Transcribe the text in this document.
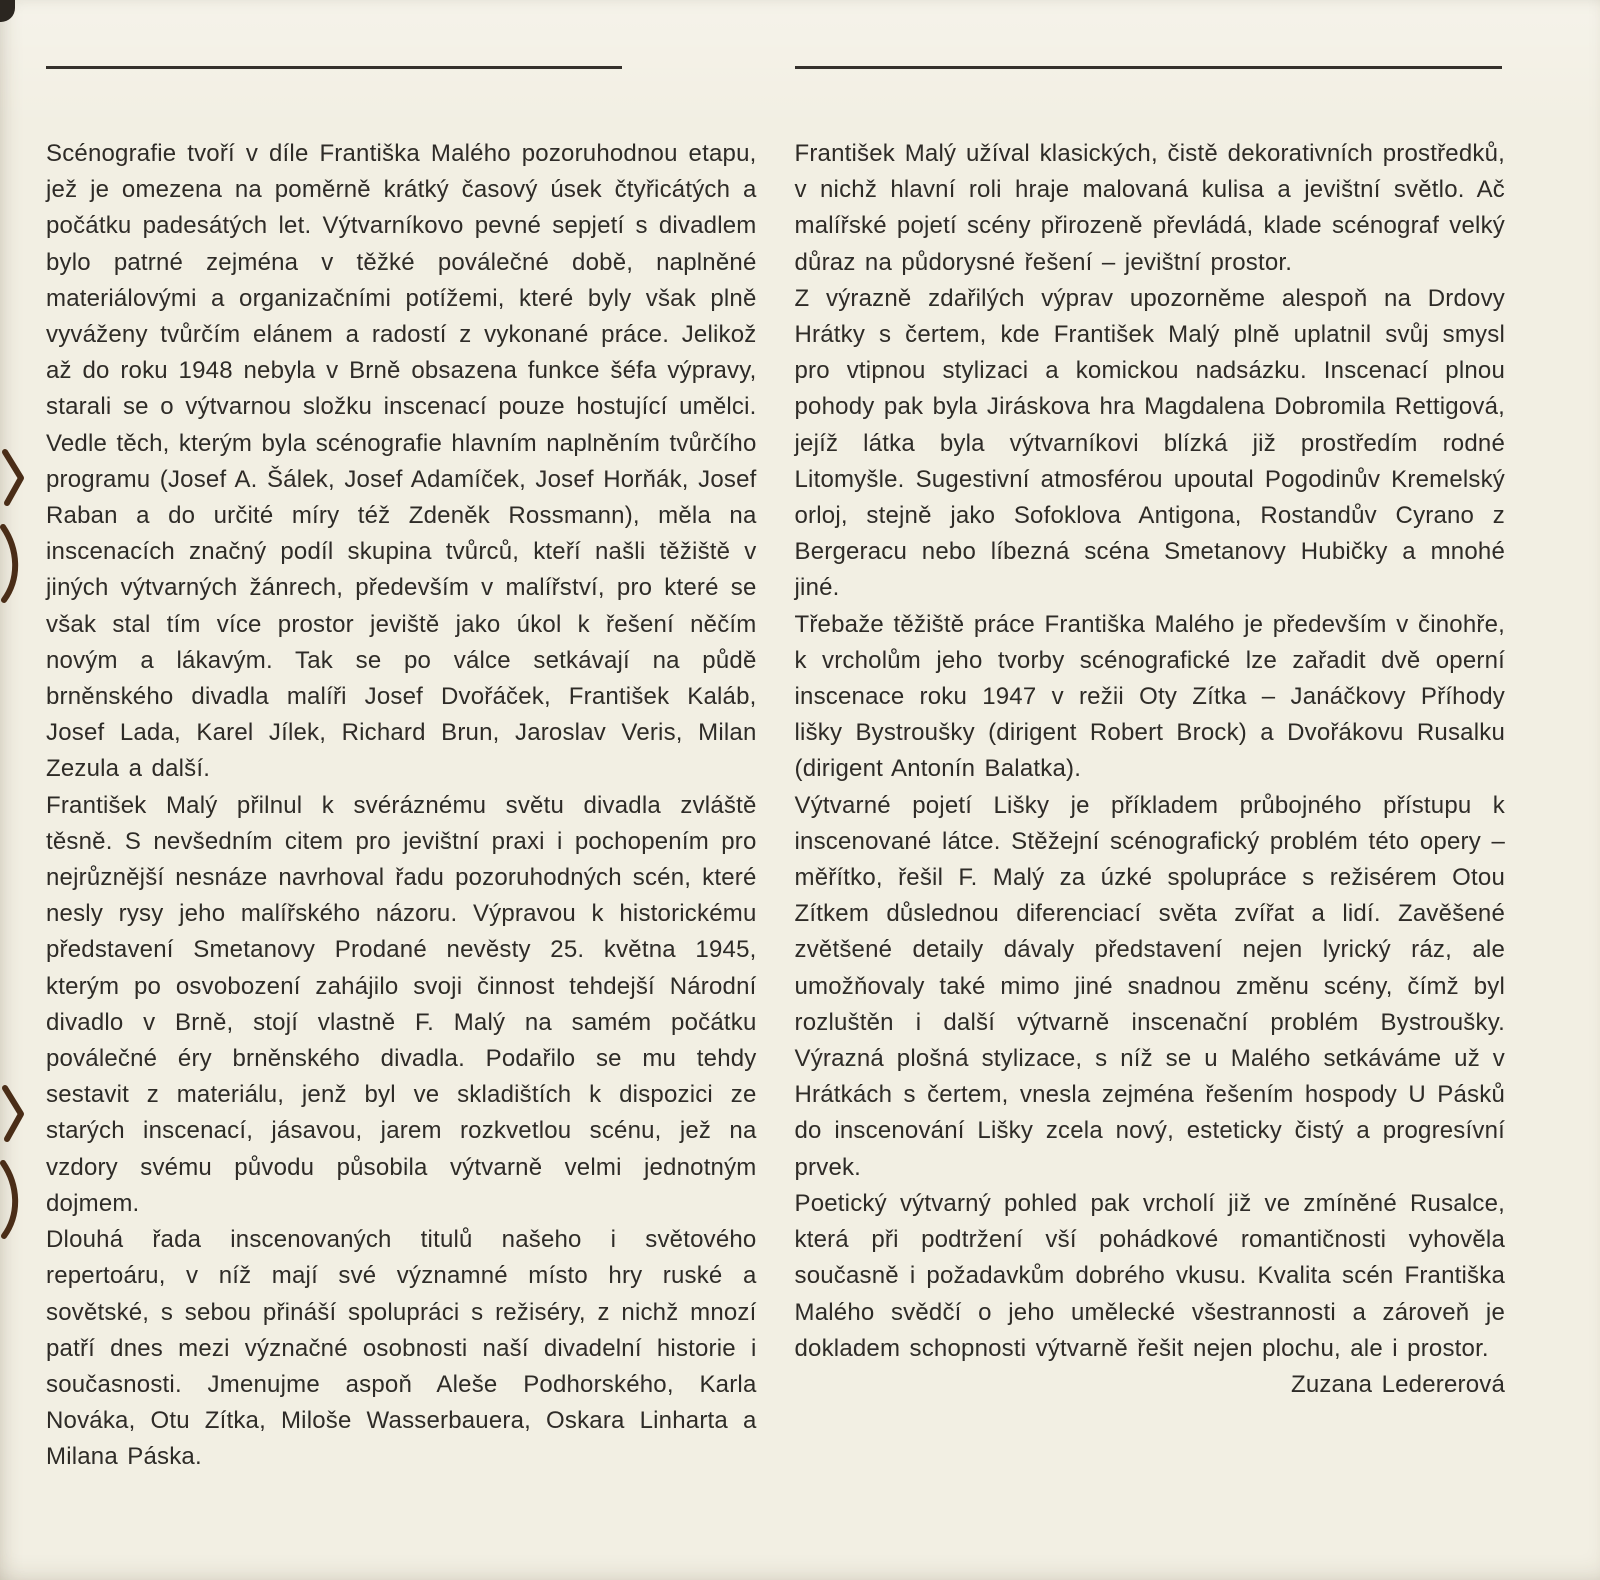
Scénografie tvoří v díle Františka Malého pozoruhodnou etapu, jež je omezena na poměrně krátký časový úsek čtyřicátých a počátku padesátých let. Výtvarníkovo pevné sepjetí s divadlem bylo patrné zejména v těžké poválečné době, naplněné materiálovými a organizačními potížemi, které byly však plně vyváženy tvůrčím elánem a radostí z vykonané práce. Jelikož až do roku 1948 nebyla v Brně obsazena funkce šéfa výpravy, starali se o výtvarnou složku inscenací pouze hostující umělci. Vedle těch, kterým byla scénografie hlavním naplněním tvůrčího programu (Josef A. Šálek, Josef Adamíček, Josef Horňák, Josef Raban a do určité míry též Zdeněk Rossmann), měla na inscenacích značný podíl skupina tvůrců, kteří našli těžiště v jiných výtvarných žánrech, především v malířství, pro které se však stal tím více prostor jeviště jako úkol k řešení něčím novým a lákavým. Tak se po válce setkávají na půdě brněnského divadla malíři Josef Dvořáček, František Kaláb, Josef Lada, Karel Jílek, Richard Brun, Jaroslav Veris, Milan Zezula a další.

František Malý přilnul k svéráznému světu divadla zvláště těsně. S nevšedním citem pro jevištní praxi i pochopením pro nejrůznější nesnáze navrhoval řadu pozoruhodných scén, které nesly rysy jeho malířského názoru. Výpravou k historickému představení Smetanovy Prodané nevěsty 25. května 1945, kterým po osvobození zahájilo svoji činnost tehdejší Národní divadlo v Brně, stojí vlastně F. Malý na samém počátku poválečné éry brněnského divadla. Podařilo se mu tehdy sestavit z materiálu, jenž byl ve skladištích k dispozici ze starých inscenací, jásavou, jarem rozkvetlou scénu, jež na vzdory svému původu působila výtvarně velmi jednotným dojmem.

Dlouhá řada inscenovaných titulů našeho i světového repertoáru, v níž mají své významné místo hry ruské a sovětské, s sebou přináší spolupráci s režiséry, z nichž mnozí patří dnes mezi význačné osobnosti naší divadelní historie i současnosti. Jmenujme aspoň Aleše Podhorského, Karla Nováka, Otu Zítka, Miloše Wasserbauera, Oskara Linharta a Milana Páska.

František Malý užíval klasických, čistě dekorativních prostředků, v nichž hlavní roli hraje malovaná kulisa a jevištní světlo. Ač malířské pojetí scény přirozeně převládá, klade scénograf velký důraz na půdorysné řešení – jevištní prostor.

Z výrazně zdařilých výprav upozorněme alespoň na Drdovy Hrátky s čertem, kde František Malý plně uplatnil svůj smysl pro vtipnou stylizaci a komickou nadsázku. Inscenací plnou pohody pak byla Jiráskova hra Magdalena Dobromila Rettigová, jejíž látka byla výtvarníkovi blízká již prostředím rodné Litomyšle. Sugestivní atmosférou upoutal Pogodinův Kremelský orloj, stejně jako Sofoklova Antigona, Rostandův Cyrano z Bergeracu nebo líbezná scéna Smetanovy Hubičky a mnohé jiné.

Třebaže těžiště práce Františka Malého je především v činohře, k vrcholům jeho tvorby scénografické lze zařadit dvě operní inscenace roku 1947 v režii Oty Zítka – Janáčkovy Příhody lišky Bystroušky (dirigent Robert Brock) a Dvořákovu Rusalku (dirigent Antonín Balatka).

Výtvarné pojetí Lišky je příkladem průbojného přístupu k inscenované látce. Stěžejní scénografický problém této opery – měřítko, řešil F. Malý za úzké spolupráce s režisérem Otou Zítkem důslednou diferenciací světa zvířat a lidí. Zavěšené zvětšené detaily dávaly představení nejen lyrický ráz, ale umožňovaly také mimo jiné snadnou změnu scény, čímž byl rozluštěn i další výtvarně inscenační problém Bystroušky. Výrazná plošná stylizace, s níž se u Malého setkáváme už v Hrátkách s čertem, vnesla zejména řešením hospody U Pásků do inscenování Lišky zcela nový, esteticky čistý a progresívní prvek.

Poetický výtvarný pohled pak vrcholí již ve zmíněné Rusalce, která při podtržení vší pohádkové romantičnosti vyhověla současně i požadavkům dobrého vkusu. Kvalita scén Františka Malého svědčí o jeho umělecké všestrannosti a zároveň je dokladem schopnosti výtvarně řešit nejen plochu, ale i prostor.

Zuzana Ledererová
